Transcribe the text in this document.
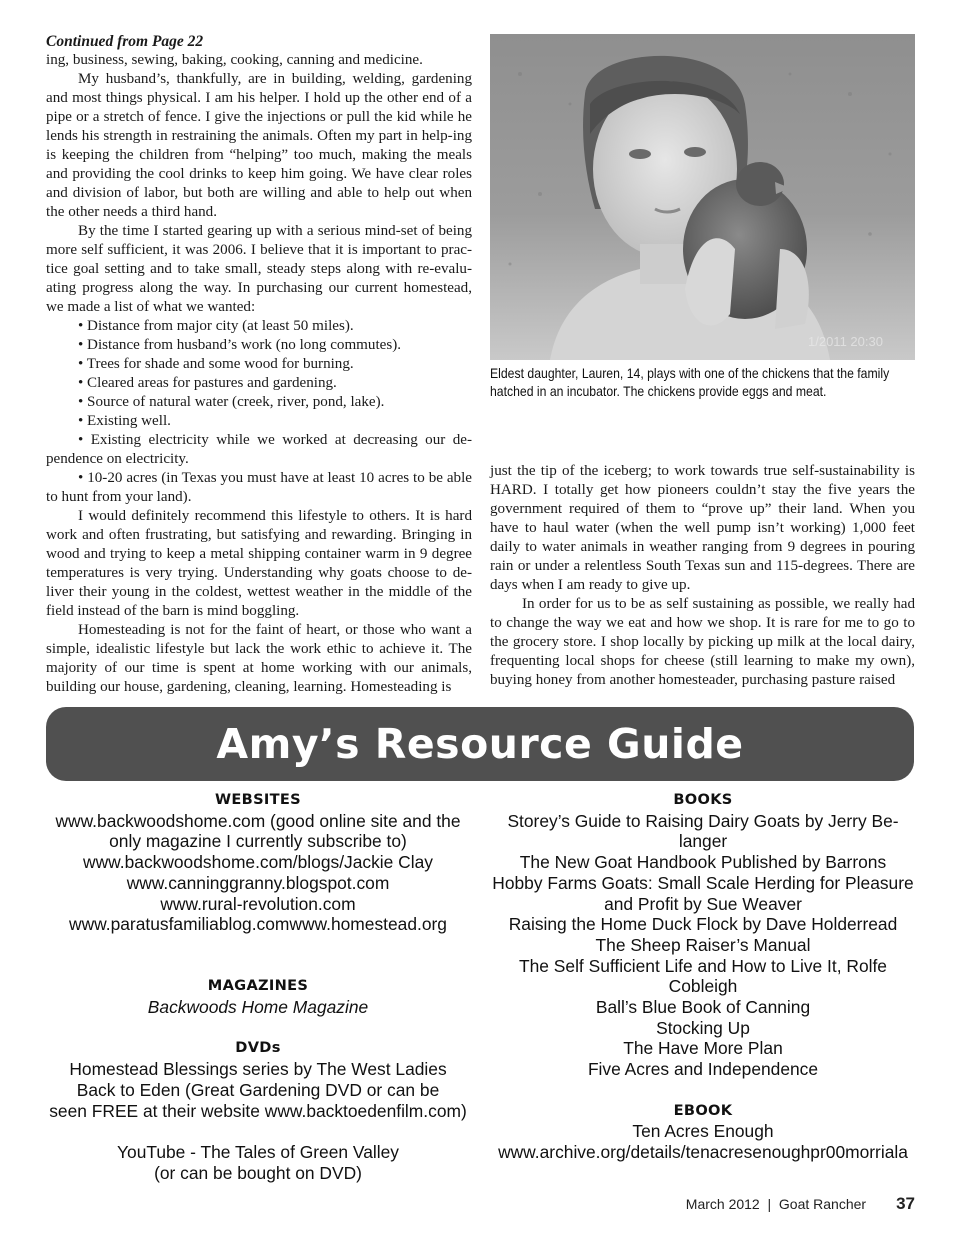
Continued from Page 22

ing, business, sewing, baking, cooking, canning and medicine.

My husband’s, thankfully, are in building, welding, gardening and most things physical. I am his helper. I hold up the other end of a pipe or a stretch of fence. I give the injections or pull the kid while he lends his strength in restraining the animals. Often my part in help-ing is keeping the children from “helping” too much, making the meals and providing the cool drinks to keep him going. We have clear roles and division of labor, but both are willing and able to help out when the other needs a third hand.

By the time I started gearing up with a serious mind-set of being more self sufficient, it was 2006. I believe that it is important to prac-tice goal setting and to take small, steady steps along with re-evalu-ating progress along the way. In purchasing our current homestead, we made a list of what we wanted:

• Distance from major city (at least 50 miles).

• Distance from husband’s work (no long commutes).

• Trees for shade and some wood for burning.

• Cleared areas for pastures and gardening.

• Source of natural water (creek, river, pond, lake).

• Existing well.

• Existing electricity while we worked at decreasing our de-pendence on electricity.

• 10-20 acres (in Texas you must have at least 10 acres to be able to hunt from your land).

I would definitely recommend this lifestyle to others. It is hard work and often frustrating, but satisfying and rewarding. Bringing in wood and trying to keep a metal shipping container warm in 9 degree temperatures is very trying. Understanding why goats choose to de-liver their young in the coldest, wettest weather in the middle of the field instead of the barn is mind boggling.

Homesteading is not for the faint of heart, or those who want a simple, idealistic lifestyle but lack the work ethic to achieve it. The majority of our time is spent at home working with our animals, building our house, gardening, cleaning, learning. Homesteading is

1/2011 20:30
Eldest daughter, Lauren, 14, plays with one of the chickens that the family
hatched in an incubator. The chickens provide eggs and meat.

just the tip of the iceberg; to work towards true self-sustainability is HARD. I totally get how pioneers couldn’t stay the five years the government required of them to “prove up” their land. When you have to haul water (when the well pump isn’t working) 1,000 feet daily to water animals in weather ranging from 9 degrees in pouring rain or under a relentless South Texas sun and 115-degrees. There are days when I am ready to give up.

In order for us to be as self sustaining as possible, we really had to change the way we eat and how we shop. It is rare for me to go to the grocery store. I shop locally by picking up milk at the local dairy, frequenting local shops for cheese (still learning to make my own), buying honey from another homesteader, purchasing pasture raised

Amy’s Resource Guide
WEBSITES
www.backwoodshome.com (good online site and the
only magazine I currently subscribe to)
www.backwoodshome.com/blogs/Jackie Clay
www.canninggranny.blogspot.com
www.rural-revolution.com
www.paratusfamiliablog.comwww.homestead.org
MAGAZINES
Backwoods Home Magazine
DVDs
Homestead Blessings series by The West Ladies
Back to Eden (Great Gardening DVD or can be
seen FREE at their website www.backtoedenfilm.com)
YouTube - The Tales of Green Valley
(or can be bought on DVD)
BOOKS
Storey’s Guide to Raising Dairy Goats by Jerry Be-
langer
The New Goat Handbook Published by Barrons
Hobby Farms Goats: Small Scale Herding for Pleasure
and Profit by Sue Weaver
Raising the Home Duck Flock by Dave Holderread
The Sheep Raiser’s Manual
The Self Sufficient Life and How to Live It, Rolfe
Cobleigh
Ball’s Blue Book of Canning
Stocking Up
The Have More Plan
Five Acres and Independence
EBOOK
Ten Acres Enough
www.archive.org/details/tenacresenoughpr00morriala
March 2012  |  Goat Rancher 37
